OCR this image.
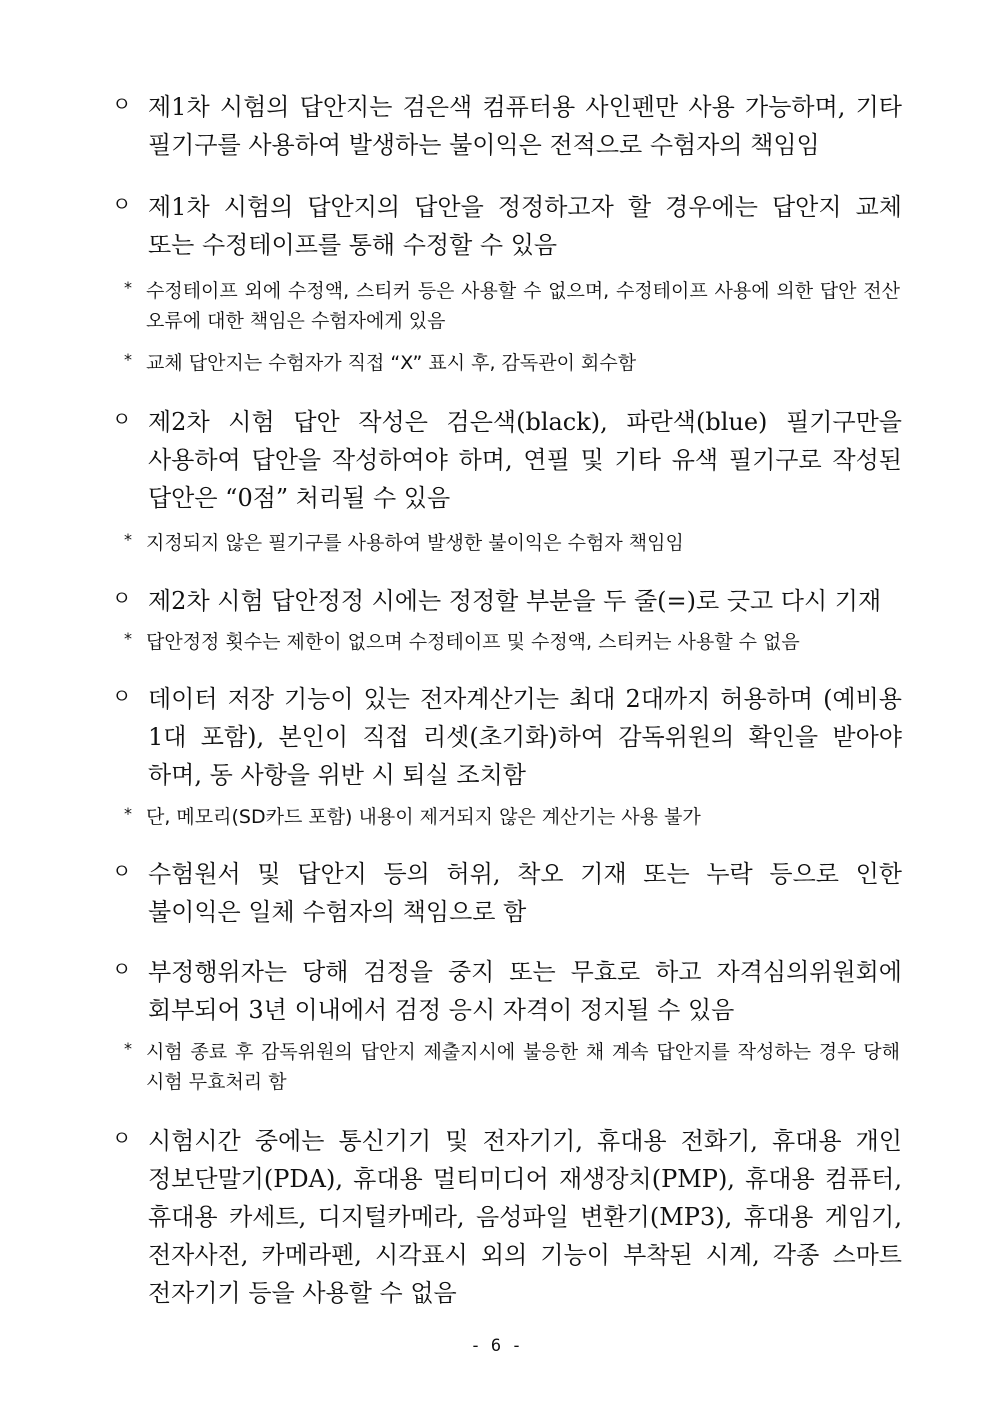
ㅇ 제1차 시험의 답안지는 검은색 컴퓨터용 사인펜만 사용 가능하며, 기타 필기구를 사용하여 발생하는 불이익은 전적으로 수험자의 책임임
ㅇ 제1차 시험의 답안지의 답안을 정정하고자 할 경우에는 답안지 교체 또는 수정테이프를 통해 수정할 수 있음
* 수정테이프 외에 수정액, 스티커 등은 사용할 수 없으며, 수정테이프 사용에 의한 답안 전산 오류에 대한 책임은 수험자에게 있음
* 교체 답안지는 수험자가 직접 “X” 표시 후, 감독관이 회수함
ㅇ 제2차 시험 답안 작성은 검은색(black), 파란색(blue) 필기구만을 사용하여 답안을 작성하여야 하며, 연필 및 기타 유색 필기구로 작성된 답안은 “0점” 처리될 수 있음
* 지정되지 않은 필기구를 사용하여 발생한 불이익은 수험자 책임임
ㅇ 제2차 시험 답안정정 시에는 정정할 부분을 두 줄(=)로 긋고 다시 기재
* 답안정정 횟수는 제한이 없으며 수정테이프 및 수정액, 스티커는 사용할 수 없음
ㅇ 데이터 저장 기능이 있는 전자계산기는 최대 2대까지 허용하며 (예비용 1대 포함), 본인이 직접 리셋(초기화)하여 감독위원의 확인을 받아야 하며, 동 사항을 위반 시 퇴실 조치함
* 단, 메모리(SD카드 포함) 내용이 제거되지 않은 계산기는 사용 불가
ㅇ 수험원서 및 답안지 등의 허위, 착오 기재 또는 누락 등으로 인한 불이익은 일체 수험자의 책임으로 함
ㅇ 부정행위자는 당해 검정을 중지 또는 무효로 하고 자격심의위원회에 회부되어 3년 이내에서 검정 응시 자격이 정지될 수 있음
* 시험 종료 후 감독위원의 답안지 제출지시에 불응한 채 계속 답안지를 작성하는 경우 당해 시험 무효처리 함
ㅇ 시험시간 중에는 통신기기 및 전자기기, 휴대용 전화기, 휴대용 개인 정보단말기(PDA), 휴대용 멀티미디어 재생장치(PMP), 휴대용 컴퓨터, 휴대용 카세트, 디지털카메라, 음성파일 변환기(MP3), 휴대용 게임기, 전자사전, 카메라펜, 시각표시 외의 기능이 부착된 시계, 각종 스마트 전자기기 등을 사용할 수 없음
- 6 -
